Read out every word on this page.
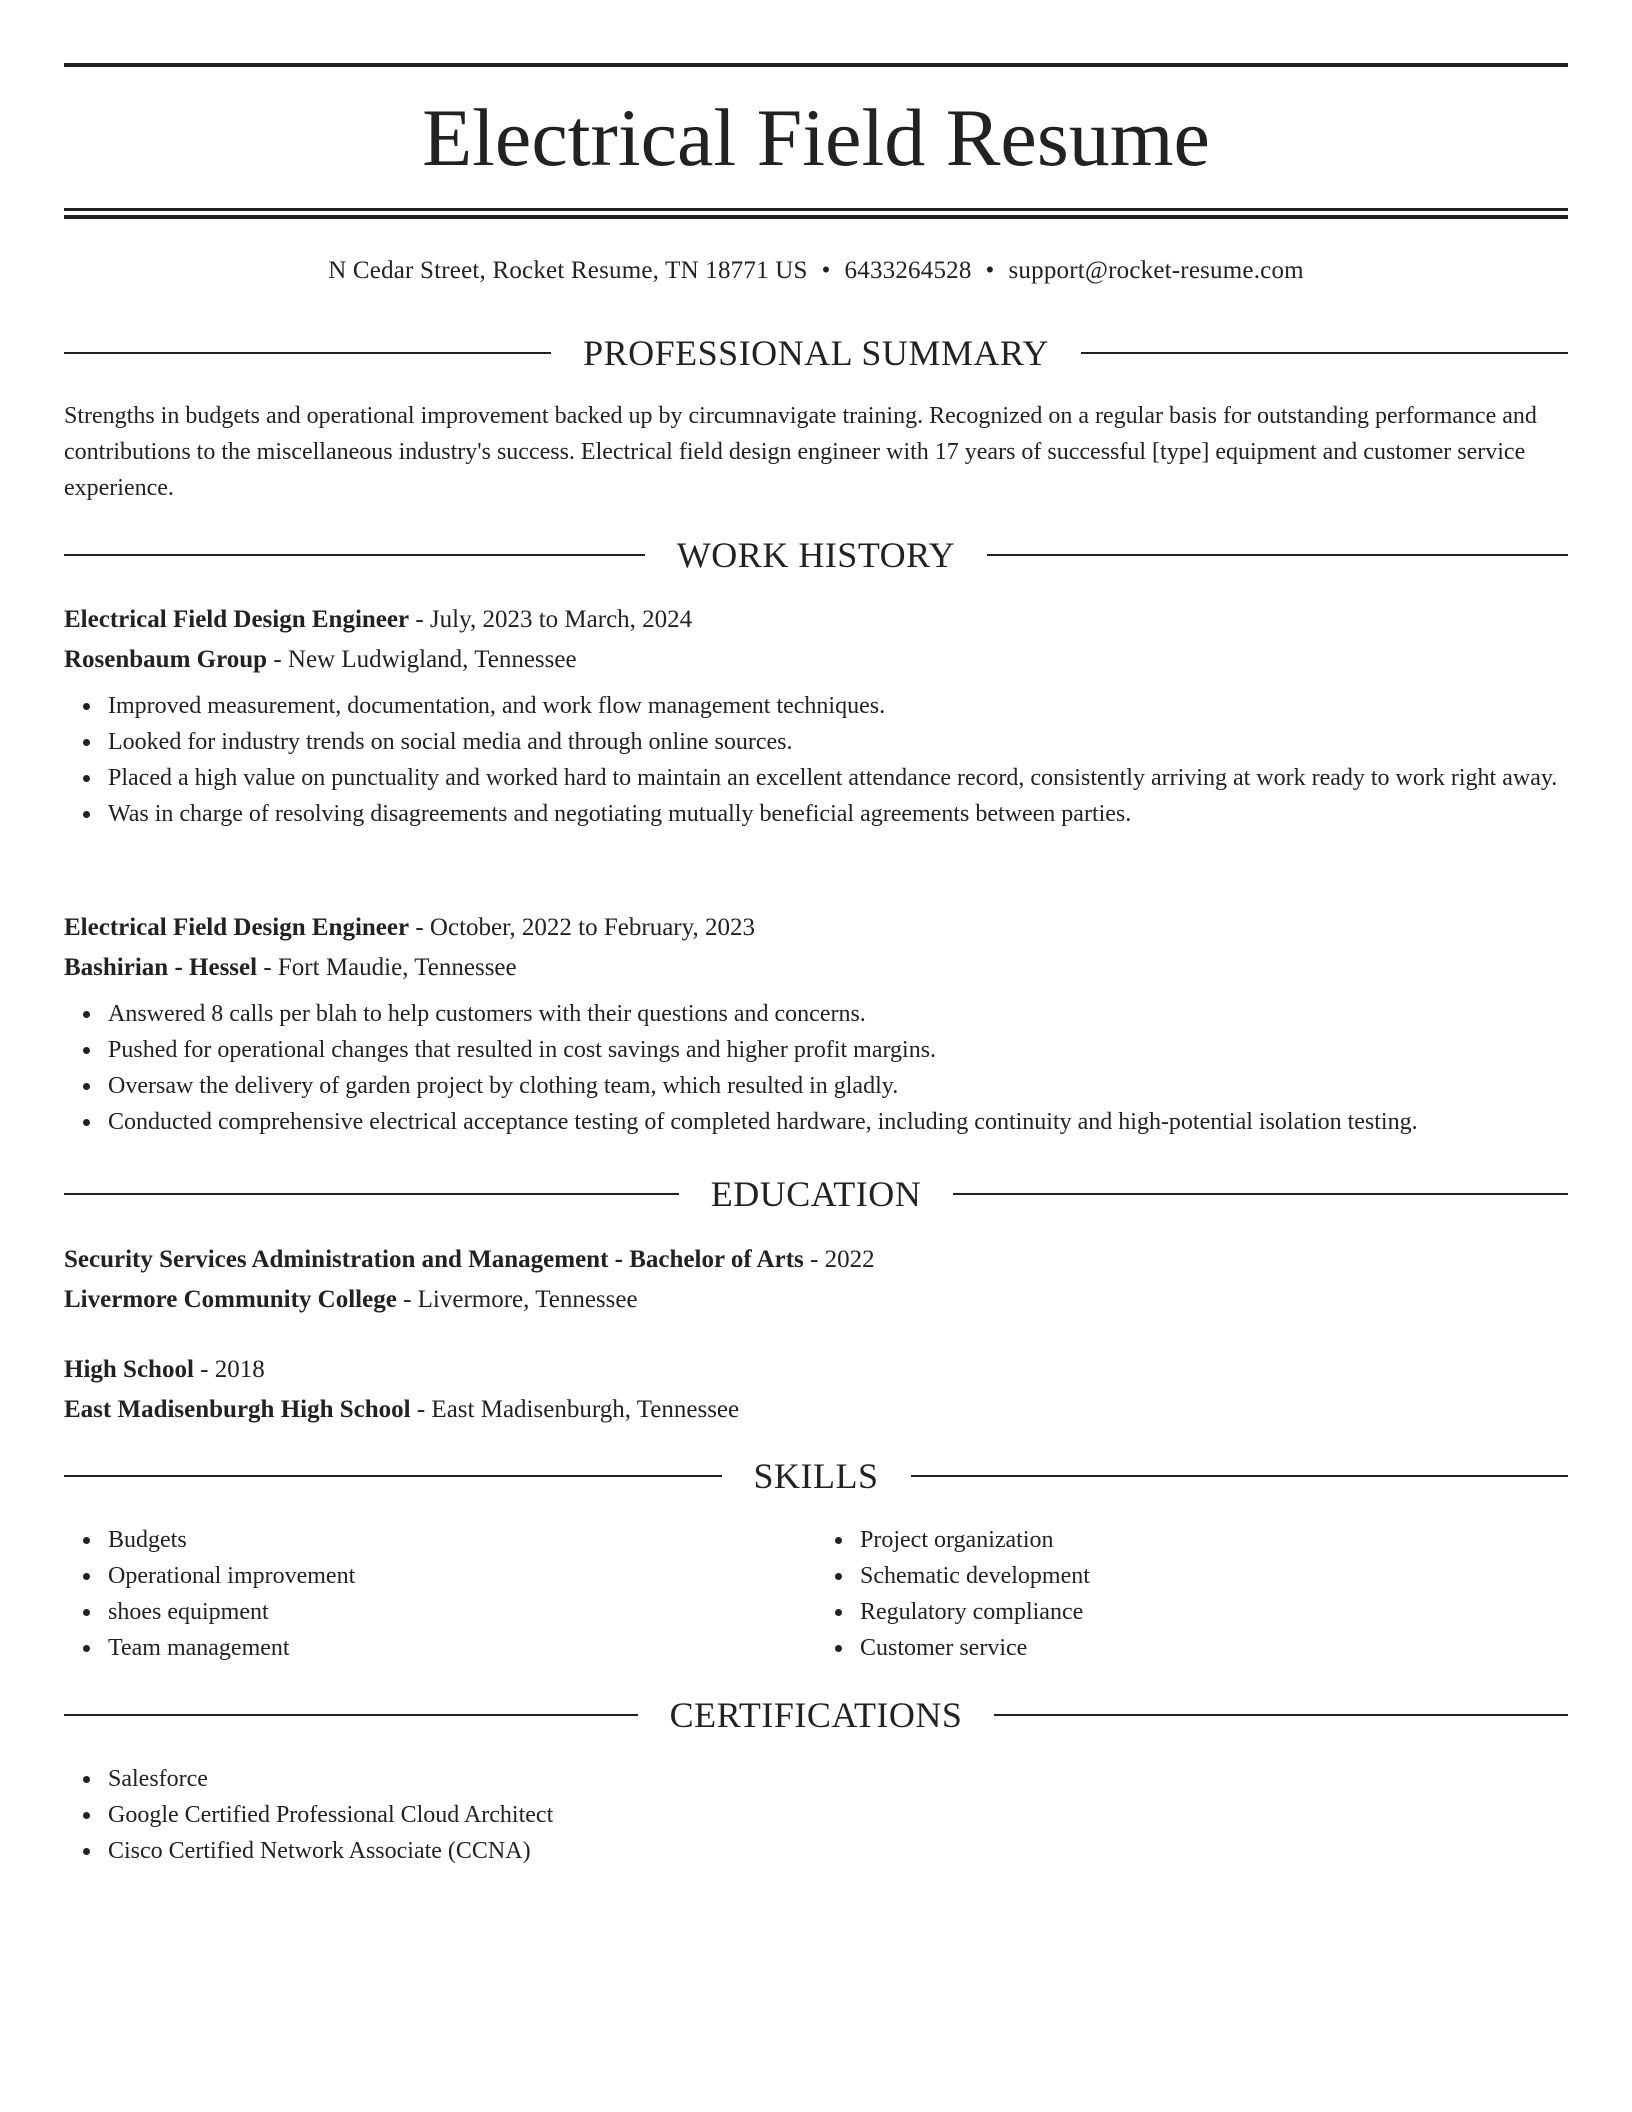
Electrical Field Resume
N Cedar Street, Rocket Resume, TN 18771 US • 6433264528 • support@rocket-resume.com
PROFESSIONAL SUMMARY

Strengths in budgets and operational improvement backed up by circumnavigate training. Recognized on a regular basis for outstanding performance and contributions to the miscellaneous industry's success. Electrical field design engineer with 17 years of successful [type] equipment and customer service experience.

WORK HISTORY

Electrical Field Design Engineer - July, 2023 to March, 2024

Rosenbaum Group - New Ludwigland, Tennessee

Improved measurement, documentation, and work flow management techniques.
Looked for industry trends on social media and through online sources.
Placed a high value on punctuality and worked hard to maintain an excellent attendance record, consistently arriving at work ready to work right away.
Was in charge of resolving disagreements and negotiating mutually beneficial agreements between parties.

Electrical Field Design Engineer - October, 2022 to February, 2023

Bashirian - Hessel - Fort Maudie, Tennessee

Answered 8 calls per blah to help customers with their questions and concerns.
Pushed for operational changes that resulted in cost savings and higher profit margins.
Oversaw the delivery of garden project by clothing team, which resulted in gladly.
Conducted comprehensive electrical acceptance testing of completed hardware, including continuity and high-potential isolation testing.
EDUCATION

Security Services Administration and Management - Bachelor of Arts - 2022

Livermore Community College - Livermore, Tennessee

High School - 2018

East Madisenburgh High School - East Madisenburgh, Tennessee

SKILLS
Budgets
Operational improvement
shoes equipment
Team management
Project organization
Schematic development
Regulatory compliance
Customer service
CERTIFICATIONS
Salesforce
Google Certified Professional Cloud Architect
Cisco Certified Network Associate (CCNA)
